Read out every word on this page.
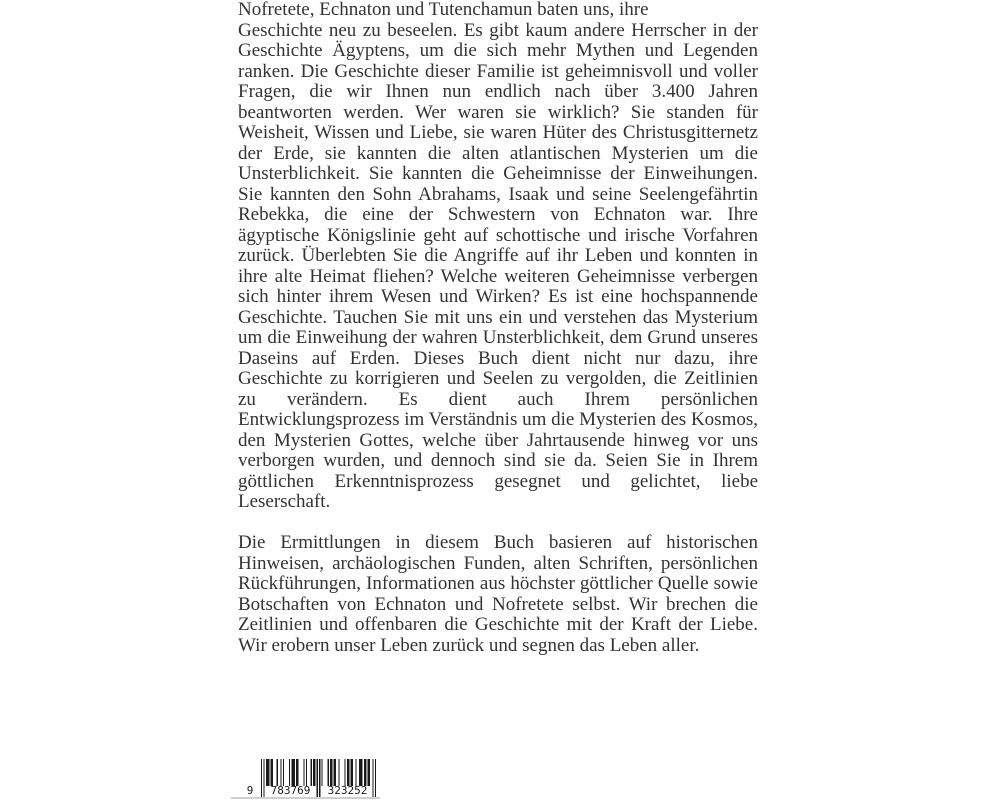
Nofretete, Echnaton und Tutenchamun baten uns, ihre
Geschichte neu zu beseelen. Es gibt kaum andere Herrscher in der Geschichte Ägyptens, um die sich mehr Mythen und Legenden ranken. Die Geschichte dieser Familie ist geheimnisvoll und voller Fragen, die wir Ihnen nun endlich nach über 3.400 Jahren beantworten werden. Wer waren sie wirklich? Sie standen für Weisheit, Wissen und Liebe, sie waren Hüter des Christusgitternetz der Erde, sie kannten die alten atlantischen Mysterien um die Unsterblichkeit. Sie kannten die Geheimnisse der Einweihungen. Sie kannten den Sohn Abrahams, Isaak und seine Seelengefährtin Rebekka, die eine der Schwestern von Echnaton war. Ihre ägyptische Königslinie geht auf schottische und irische Vorfahren zurück. Überlebten Sie die Angriffe auf ihr Leben und konnten in ihre alte Heimat fliehen? Welche weiteren Geheimnisse verbergen sich hinter ihrem Wesen und Wirken? Es ist eine hochspannende Geschichte. Tauchen Sie mit uns ein und verstehen das Mysterium um die Einweihung der wahren Unsterblichkeit, dem Grund unseres Daseins auf Erden. Dieses Buch dient nicht nur dazu, ihre Geschichte zu korrigieren und Seelen zu vergolden, die Zeitlinien zu verändern. Es dient auch Ihrem persönlichen Entwicklungsprozess im Verständnis um die Mysterien des Kosmos, den Mysterien Gottes, welche über Jahrtausende hinweg vor uns verborgen wurden, und dennoch sind sie da. Seien Sie in Ihrem göttlichen Erkenntnisprozess gesegnet und gelichtet, liebe Leserschaft.

Die Ermittlungen in diesem Buch basieren auf historischen Hinweisen, archäologischen Funden, alten Schriften, persönlichen Rückführungen, Informationen aus höchster göttlicher Quelle sowie Botschaften von Echnaton und Nofretete selbst. Wir brechen die Zeitlinien und offenbaren die Geschichte mit der Kraft der Liebe. Wir erobern unser Leben zurück und segnen das Leben aller.

9	783769	323252
